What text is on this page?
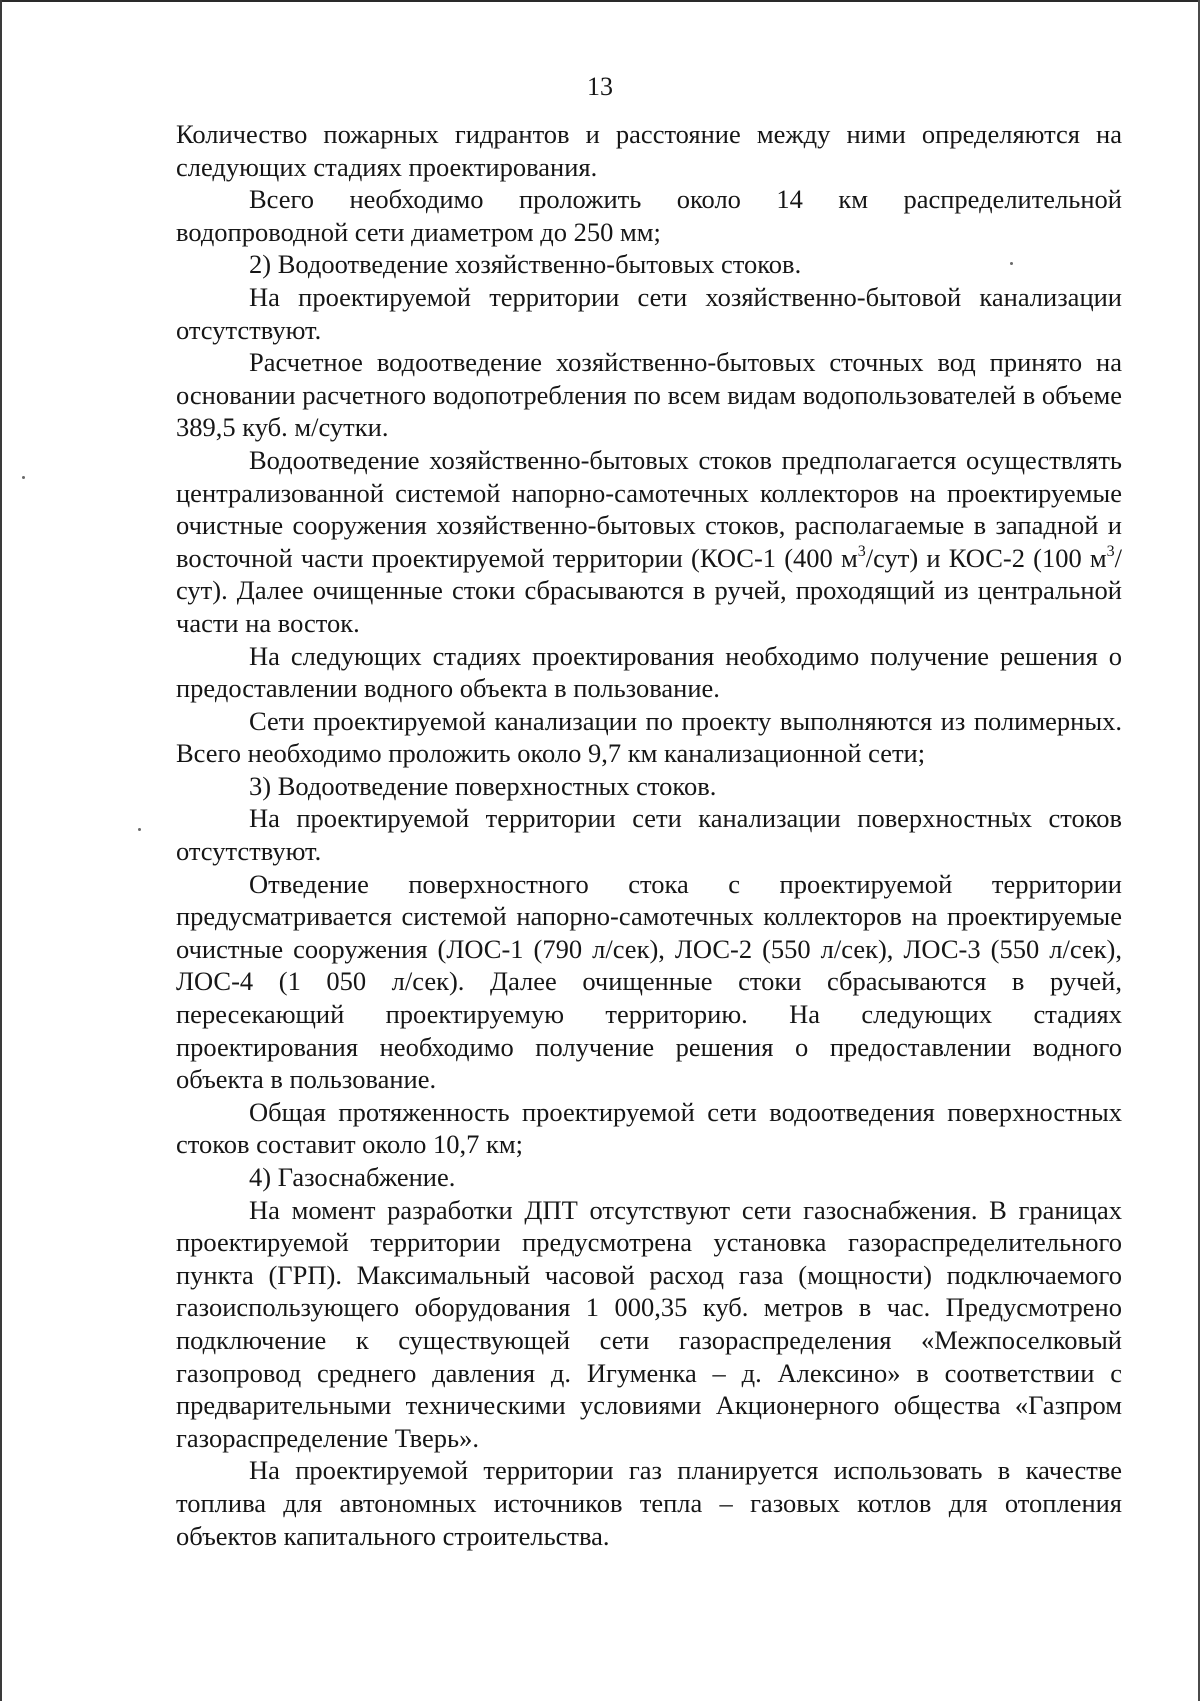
13

Количество пожарных гидрантов и расстояние между ними определяются на следующих стадиях проектирования.

Всего необходимо проложить около 14 км распределительной водопроводной сети диаметром до 250 мм;

2) Водоотведение хозяйственно-бытовых стоков.

На проектируемой территории сети хозяйственно-бытовой канализации отсутствуют.

Расчетное водоотведение хозяйственно-бытовых сточных вод принято на основании расчетного водопотребления по всем видам водопользователей в объеме 389,5 куб. м/сутки.

Водоотведение хозяйственно-бытовых стоков предполагается осуществлять централизованной системой напорно-самотечных коллекторов на проектируемые очистные сооружения хозяйственно-бытовых стоков, располагаемые в западной и восточной части проектируемой территории (КОС-1 (400 $м^3/сут$) и КОС-2 (100 $м^3/сут$). Далее очищенные стоки сбрасываются в ручей, проходящий из центральной части на восток.

На следующих стадиях проектирования необходимо получение решения о предоставлении водного объекта в пользование.

Сети проектируемой канализации по проекту выполняются из полимерных. Всего необходимо проложить около 9,7 км канализационной сети;

3) Водоотведение поверхностных стоков.

На проектируемой территории сети канализации поверхностных стоков отсутствуют.

Отведение поверхностного стока с проектируемой территории предусматривается системой напорно-самотечных коллекторов на проектируемые очистные сооружения (ЛОС-1 (790 л/сек), ЛОС-2 (550 л/сек), ЛОС-3 (550 л/сек), ЛОС-4 (1 050 л/сек). Далее очищенные стоки сбрасываются в ручей, пересекающий проектируемую территорию. На следующих стадиях проектирования необходимо получение решения о предоставлении водного объекта в пользование.

Общая протяженность проектируемой сети водоотведения поверхностных стоков составит около 10,7 км;

4) Газоснабжение.

На момент разработки ДПТ отсутствуют сети газоснабжения. В границах проектируемой территории предусмотрена установка газораспределительного пункта (ГРП). Максимальный часовой расход газа (мощности) подключаемого газоиспользующего оборудования 1 000,35 куб. метров в час. Предусмотрено подключение к существующей сети газораспределения «Межпоселковый газопровод среднего давления д. Игуменка – д. Алексино» в соответствии с предварительными техническими условиями Акционерного общества «Газпром газораспределение Тверь».

На проектируемой территории газ планируется использовать в качестве топлива для автономных источников тепла – газовых котлов для отопления объектов капитального строительства.
